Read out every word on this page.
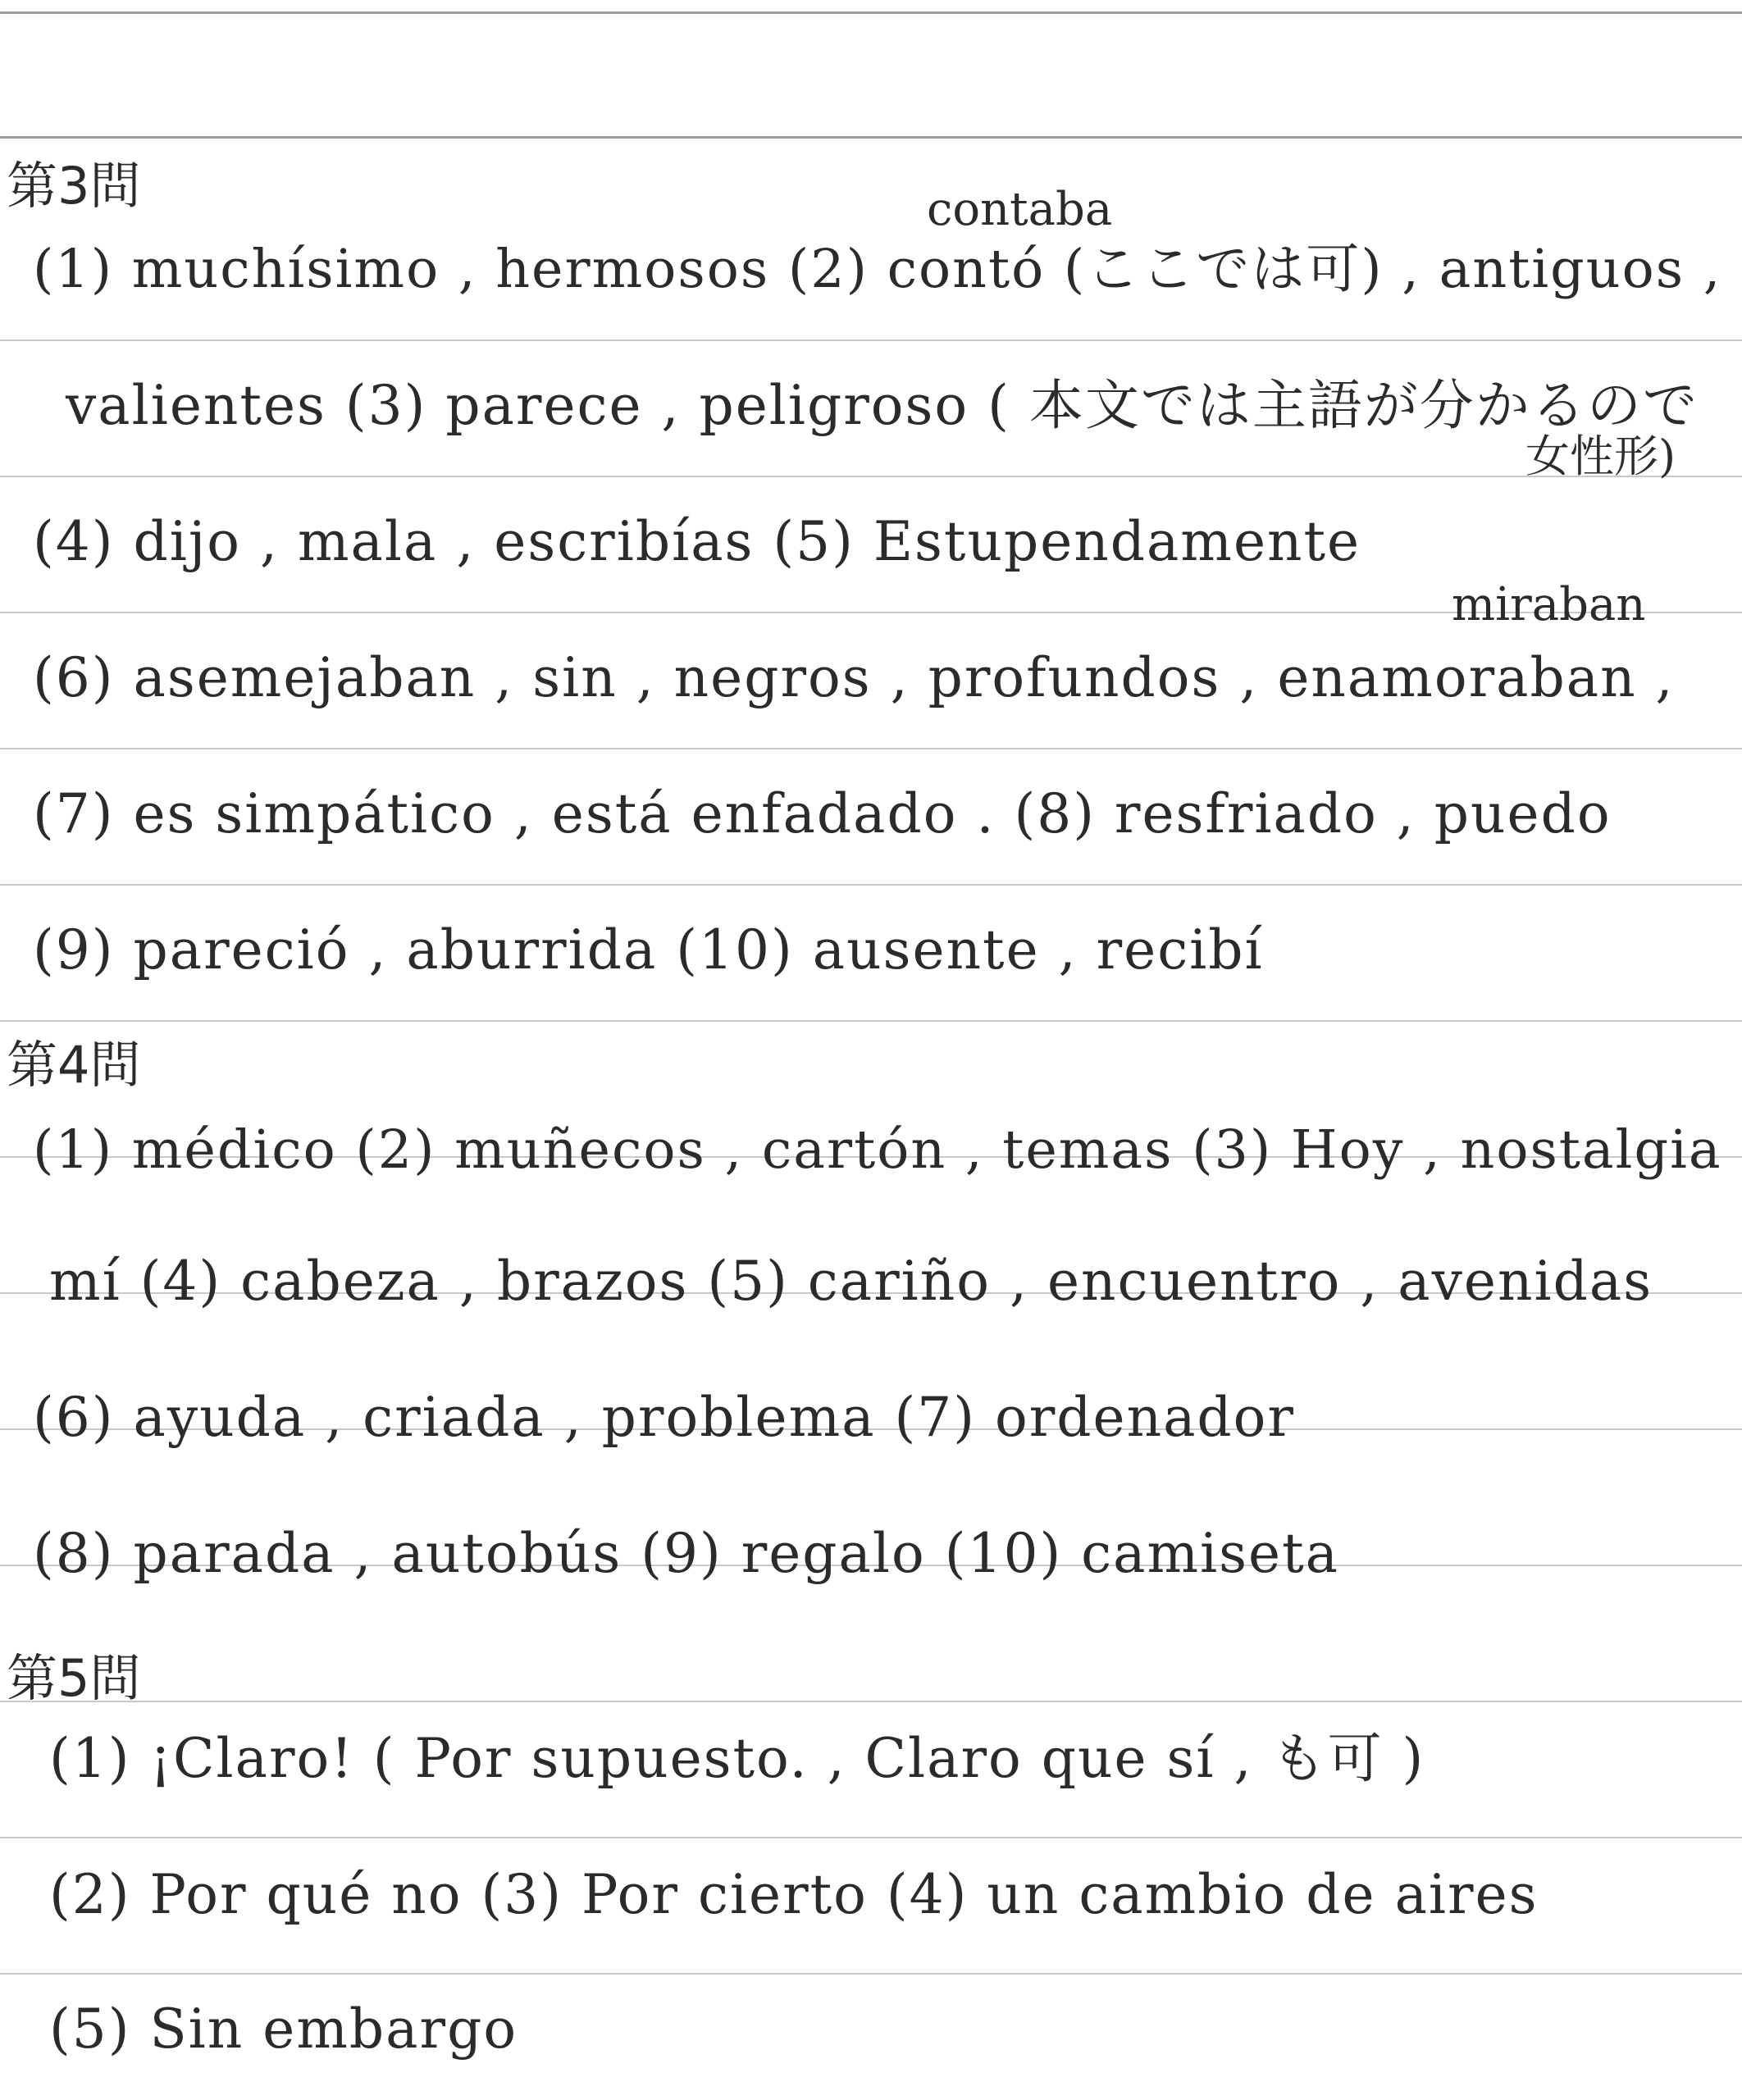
第3問	contaba
(1) muchísimo , hermosos (2) contó (ここでは可) , antiguos ,
valientes (3) parece , peligroso ( 本文では主語が分かるので
女性形)
(4) dijo , mala , escribías (5) Estupendamente
miraban
(6) asemejaban , sin , negros , profundos , enamoraban ,
(7) es simpático , está enfadado . (8) resfriado , puedo
(9) pareció , aburrida (10) ausente , recibí
第4問
(1) médico (2) muñecos , cartón , temas (3) Hoy , nostalgia
mí (4) cabeza , brazos (5) cariño , encuentro , avenidas
(6) ayuda , criada , problema (7) ordenador
(8) parada , autobús (9) regalo (10) camiseta
第5問
(1) ¡Claro! ( Por supuesto. , Claro que sí , も可 )
(2) Por qué no (3) Por cierto (4) un cambio de aires
(5) Sin embargo
